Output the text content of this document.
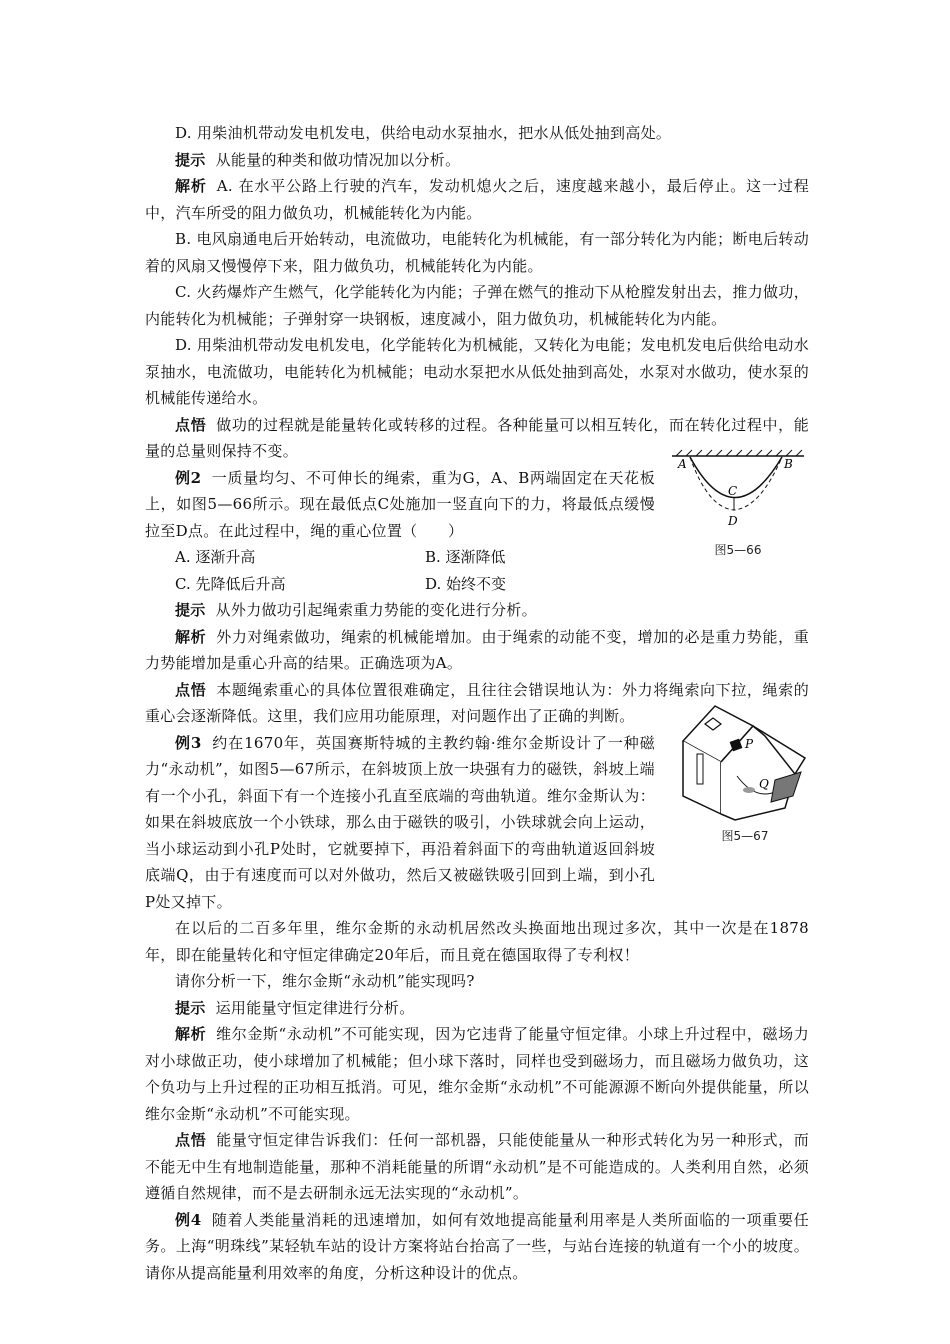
D. 用柴油机带动发电机发电，供给电动水泵抽水，把水从低处抽到高处。

提示 从能量的种类和做功情况加以分析。

解析 A. 在水平公路上行驶的汽车，发动机熄火之后，速度越来越小，最后停止。这一过程中，汽车所受的阻力做负功，机械能转化为内能。

B. 电风扇通电后开始转动，电流做功，电能转化为机械能，有一部分转化为内能；断电后转动着的风扇又慢慢停下来，阻力做负功，机械能转化为内能。

C. 火药爆炸产生燃气，化学能转化为内能；子弹在燃气的推动下从枪膛发射出去，推力做功，内能转化为机械能；子弹射穿一块钢板，速度减小，阻力做负功，机械能转化为内能。

D. 用柴油机带动发电机发电，化学能转化为机械能，又转化为电能；发电机发电后供给电动水泵抽水，电流做功，电能转化为机械能；电动水泵把水从低处抽到高处，水泵对水做功，使水泵的机械能传递给水。

点悟 做功的过程就是能量转化或转移的过程。各种能量可以相互转化，而在转化过程中，能量的总量则保持不变。

例2 一质量均匀、不可伸长的绳索，重为G，A、B两端固定在天花板上，如图5—66所示。现在最低点C处施加一竖直向下的力，将最低点缓慢拉至D点。在此过程中，绳的重心位置（　　）

A. 逐渐升高	B. 逐渐降低
C. 先降低后升高	D. 始终不变

提示 从外力做功引起绳索重力势能的变化进行分析。

解析 外力对绳索做功，绳索的机械能增加。由于绳索的动能不变，增加的必是重力势能，重力势能增加是重心升高的结果。正确选项为A。

点悟 本题绳索重心的具体位置很难确定，且往往会错误地认为：外力将绳索向下拉，绳索的重心会逐渐降低。这里，我们应用功能原理，对问题作出了正确的判断。

例3 约在1670年，英国赛斯特城的主教约翰·维尔金斯设计了一种磁力“永动机”，如图5—67所示，在斜坡顶上放一块强有力的磁铁，斜坡上端有一个小孔，斜面下有一个连接小孔直至底端的弯曲轨道。维尔金斯认为：如果在斜坡底放一个小铁球，那么由于磁铁的吸引，小铁球就会向上运动，当小球运动到小孔P处时，它就要掉下，再沿着斜面下的弯曲轨道返回斜坡底端Q，由于有速度而可以对外做功，然后又被磁铁吸引回到上端，到小孔P处又掉下。

在以后的二百多年里，维尔金斯的永动机居然改头换面地出现过多次，其中一次是在1878年，即在能量转化和守恒定律确定20年后，而且竟在德国取得了专利权！

请你分析一下，维尔金斯“永动机”能实现吗?

提示 运用能量守恒定律进行分析。

解析 维尔金斯“永动机”不可能实现，因为它违背了能量守恒定律。小球上升过程中，磁场力对小球做正功，使小球增加了机械能；但小球下落时，同样也受到磁场力，而且磁场力做负功，这个负功与上升过程的正功相互抵消。可见，维尔金斯“永动机”不可能源源不断向外提供能量，所以维尔金斯“永动机”不可能实现。

点悟 能量守恒定律告诉我们：任何一部机器，只能使能量从一种形式转化为另一种形式，而不能无中生有地制造能量，那种不消耗能量的所谓“永动机”是不可能造成的。人类利用自然，必须遵循自然规律，而不是去研制永远无法实现的“永动机”。

例4 随着人类能量消耗的迅速增加，如何有效地提高能量利用率是人类所面临的一项重要任务。上海“明珠线”某轻轨车站的设计方案将站台抬高了一些，与站台连接的轨道有一个小的坡度。请你从提高能量利用效率的角度，分析这种设计的优点。

A	B
C
D
图5—66
P
Q
图5—67
